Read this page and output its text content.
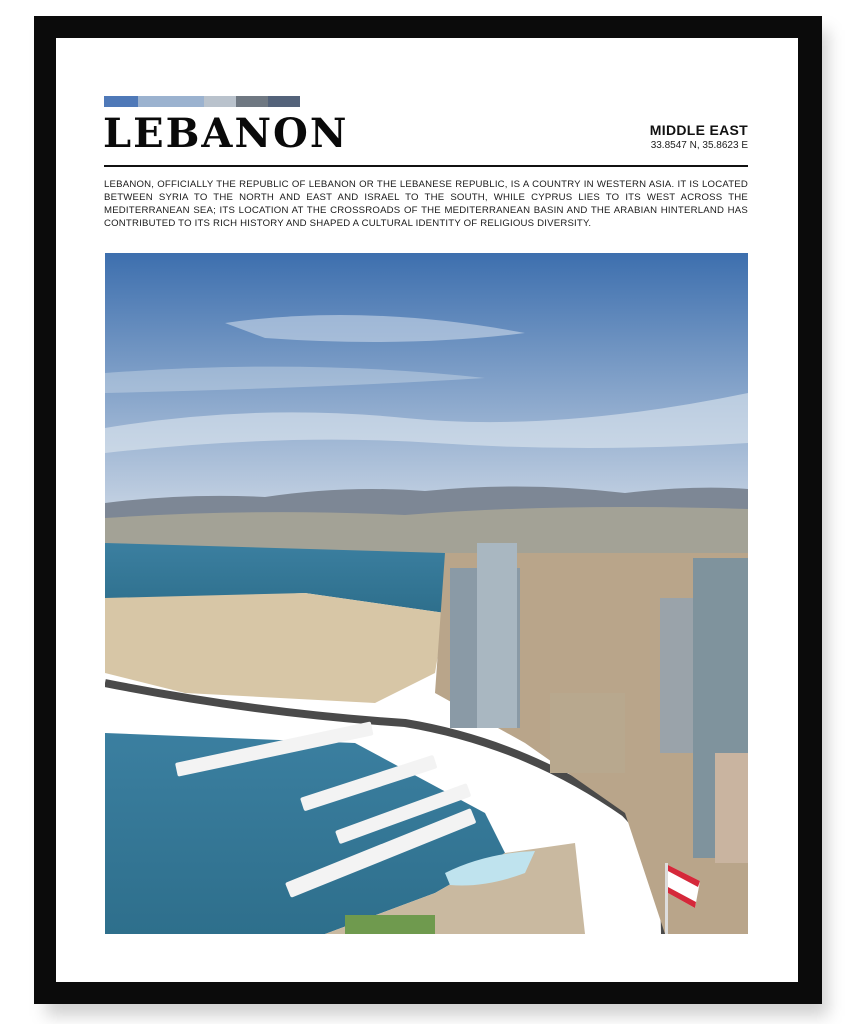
LEBANON	MIDDLE EAST
33.8547 N, 35.8623 E
LEBANON, OFFICIALLY THE REPUBLIC OF LEBANON OR THE LEBANESE REPUBLIC, IS A COUNTRY IN WESTERN ASIA. IT IS LOCATED BETWEEN SYRIA TO THE NORTH AND EAST AND ISRAEL TO THE SOUTH, WHILE CYPRUS LIES TO ITS WEST ACROSS THE MEDITERRANEAN SEA; ITS LOCATION AT THE CROSSROADS OF THE MEDITERRANEAN BASIN AND THE ARABIAN HINTERLAND HAS CONTRIBUTED TO ITS RICH HISTORY AND SHAPED A CULTURAL IDENTITY OF RELIGIOUS DIVERSITY.
